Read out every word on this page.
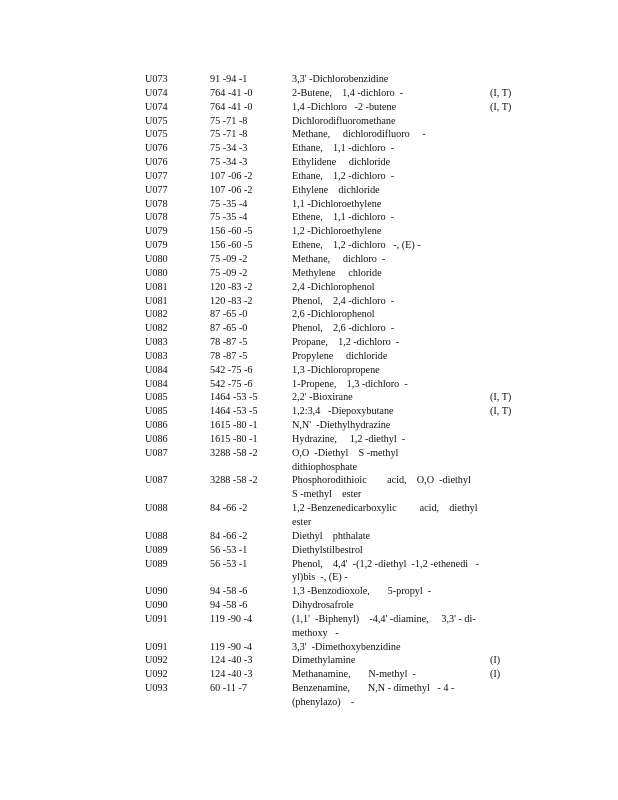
U073	91 -94 -1	3,3' -Dichlorobenzidine
U074	764 -41 -0	2-Butene,    1,4 -dichloro  -	(I, T)
U074	764 -41 -0	1,4 -Dichloro   -2 -butene	(I, T)
U075	75 -71 -8	Dichlorodifluoromethane
U075	75 -71 -8	Methane,     dichlorodifluoro     -
U076	75 -34 -3	Ethane,    1,1 -dichloro  -
U076	75 -34 -3	Ethylidene     dichloride
U077	107 -06 -2	Ethane,    1,2 -dichloro  -
U077	107 -06 -2	Ethylene    dichloride
U078	75 -35 -4	1,1 -Dichloroethylene
U078	75 -35 -4	Ethene,    1,1 -dichloro  -
U079	156 -60 -5	1,2 -Dichloroethylene
U079	156 -60 -5	Ethene,    1,2 -dichloro   -, (E) -
U080	75 -09 -2	Methane,     dichloro  -
U080	75 -09 -2	Methylene     chloride
U081	120 -83 -2	2,4 -Dichlorophenol
U081	120 -83 -2	Phenol,    2,4 -dichloro  -
U082	87 -65 -0	2,6 -Dichlorophenol
U082	87 -65 -0	Phenol,    2,6 -dichloro  -
U083	78 -87 -5	Propane,    1,2 -dichloro  -
U083	78 -87 -5	Propylene     dichloride
U084	542 -75 -6	1,3 -Dichloropropene
U084	542 -75 -6	1-Propene,    1,3 -dichloro  -
U085	1464 -53 -5	2,2' -Bioxirane	(I, T)
U085	1464 -53 -5	1,2:3,4   -Diepoxybutane	(I, T)
U086	1615 -80 -1	N,N'  -Diethylhydrazine
U086	1615 -80 -1	Hydrazine,     1,2 -diethyl  -
U087	3288 -58 -2	O,O  -Diethyl    S -methyl
dithiophosphate
U087	3288 -58 -2	Phosphorodithioic        acid,    O,O  -diethyl
S -methyl    ester
U088	84 -66 -2	1,2 -Benzenedicarboxylic         acid,    diethyl
ester
U088	84 -66 -2	Diethyl    phthalate
U089	56 -53 -1	Diethylstilbestrol
U089	56 -53 -1	Phenol,    4,4'  -(1,2 -diethyl  -1,2 -ethenedi   -
yl)bis  -, (E) -
U090	94 -58 -6	1,3 -Benzodioxole,       5-propyl  -
U090	94 -58 -6	Dihydrosafrole
U091	119 -90 -4	(1,1'  -Biphenyl)    -4,4' -diamine,     3,3' - di-
methoxy   -
U091	119 -90 -4	3,3'  -Dimethoxybenzidine
U092	124 -40 -3	Dimethylamine	(I)
U092	124 -40 -3	Methanamine,       N-methyl  -	(I)
U093	60 -11 -7	Benzenamine,       N,N - dimethyl   - 4 -
(phenylazo)    -
